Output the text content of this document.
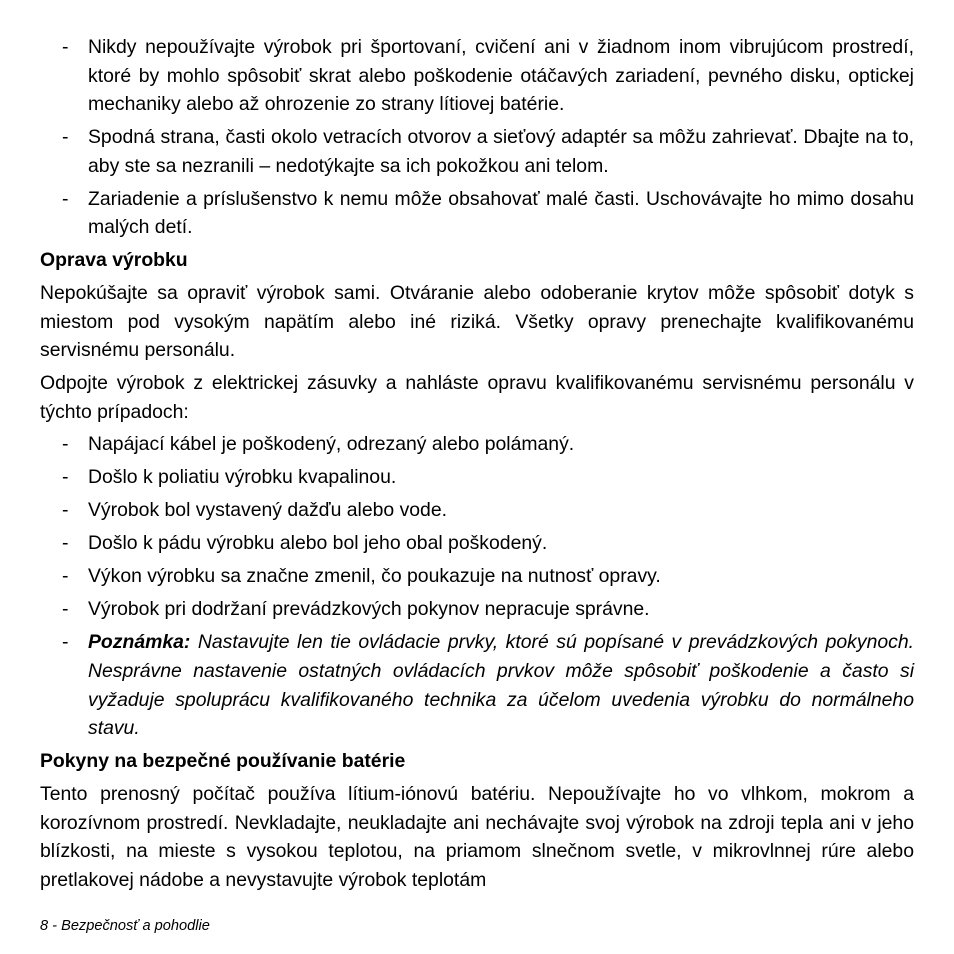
-	Nikdy nepoužívajte výrobok pri športovaní, cvičení ani v žiadnom inom vibrujúcom prostredí, ktoré by mohlo spôsobiť skrat alebo poškodenie otáčavých zariadení, pevného disku, optickej mechaniky alebo až ohrozenie zo strany lítiovej batérie.
-	Spodná strana, časti okolo vetracích otvorov a sieťový adaptér sa môžu zahrievať. Dbajte na to, aby ste sa nezranili – nedotýkajte sa ich pokožkou ani telom.
-	Zariadenie a príslušenstvo k nemu môže obsahovať malé časti. Uschovávajte ho mimo dosahu malých detí.
Oprava výrobku
Nepokúšajte sa opraviť výrobok sami. Otváranie alebo odoberanie krytov môže spôsobiť dotyk s miestom pod vysokým napätím alebo iné riziká. Všetky opravy prenechajte kvalifikovanému servisnému personálu.
Odpojte výrobok z elektrickej zásuvky a nahláste opravu kvalifikovanému servisnému personálu v týchto prípadoch:
-	Napájací kábel je poškodený, odrezaný alebo polámaný.
-	Došlo k poliatiu výrobku kvapalinou.
-	Výrobok bol vystavený dažďu alebo vode.
-	Došlo k pádu výrobku alebo bol jeho obal poškodený.
-	Výkon výrobku sa značne zmenil, čo poukazuje na nutnosť opravy.
-	Výrobok pri dodržaní prevádzkových pokynov nepracuje správne.
-	Poznámka: Nastavujte len tie ovládacie prvky, ktoré sú popísané v prevádzkových pokynoch. Nesprávne nastavenie ostatných ovládacích prvkov môže spôsobiť poškodenie a často si vyžaduje spoluprácu kvalifikovaného technika za účelom uvedenia výrobku do normálneho stavu.
Pokyny na bezpečné používanie batérie
Tento prenosný počítač používa lítium-iónovú batériu. Nepoužívajte ho vo vlhkom, mokrom a korozívnom prostredí. Nevkladajte, neukladajte ani nechávajte svoj výrobok na zdroji tepla ani v jeho blízkosti, na mieste s vysokou teplotou, na priamom slnečnom svetle, v mikrovlnnej rúre alebo pretlakovej nádobe a nevystavujte výrobok teplotám
8 - Bezpečnosť a pohodlie
